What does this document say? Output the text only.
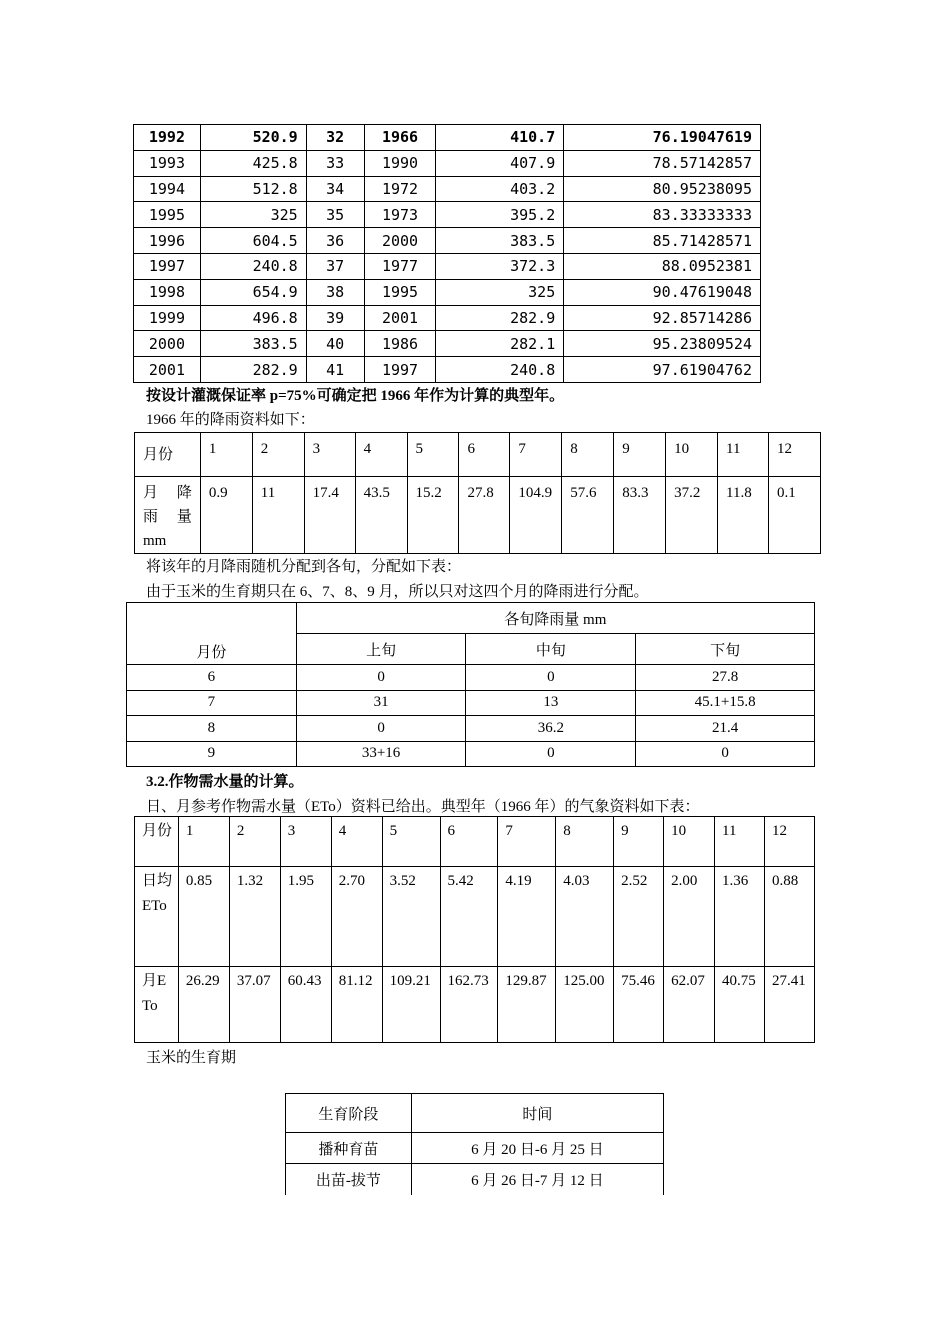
1992	520.9	32	1966	410.7	76.19047619
1993	425.8	33	1990	407.9	78.57142857
1994	512.8	34	1972	403.2	80.95238095
1995	325	35	1973	395.2	83.33333333
1996	604.5	36	2000	383.5	85.71428571
1997	240.8	37	1977	372.3	88.0952381
1998	654.9	38	1995	325	90.47619048
1999	496.8	39	2001	282.9	92.85714286
2000	383.5	40	1986	282.1	95.23809524
2001	282.9	41	1997	240.8	97.61904762
按设计灌溉保证率 p=75%可确定把 1966 年作为计算的典型年。
1966 年的降雨资料如下：
月份	1	2	3	4	5	6	7	8	9	10	11	12
月 降 雨 量 mm	0.9	11	17.4	43.5	15.2	27.8	104.9	57.6	83.3	37.2	11.8	0.1
将该年的月降雨随机分配到各旬，分配如下表：
由于玉米的生育期只在 6、7、8、9 月，所以只对这四个月的降雨进行分配。
月份	各旬降雨量 mm		
	上旬	中旬	下旬
6	0	0	27.8
7	31	13	45.1+15.8
8	0	36.2	21.4
9	33+16	0	0
3.2.作物需水量的计算。
日、月参考作物需水量（ETo）资料已给出。典型年（1966 年）的气象资料如下表：
月份	1	2	3	4	5	6	7	8	9	10	11	12
日均ETo	0.85	1.32	1.95	2.70	3.52	5.42	4.19	4.03	2.52	2.00	1.36	0.88
月ETo	26.29	37.07	60.43	81.12	109.21	162.73	129.87	125.00	75.46	62.07	40.75	27.41
玉米的生育期
生育阶段	时间
播种育苗	6 月 20 日-6 月 25 日
出苗-拔节	6 月 26 日-7 月 12 日
